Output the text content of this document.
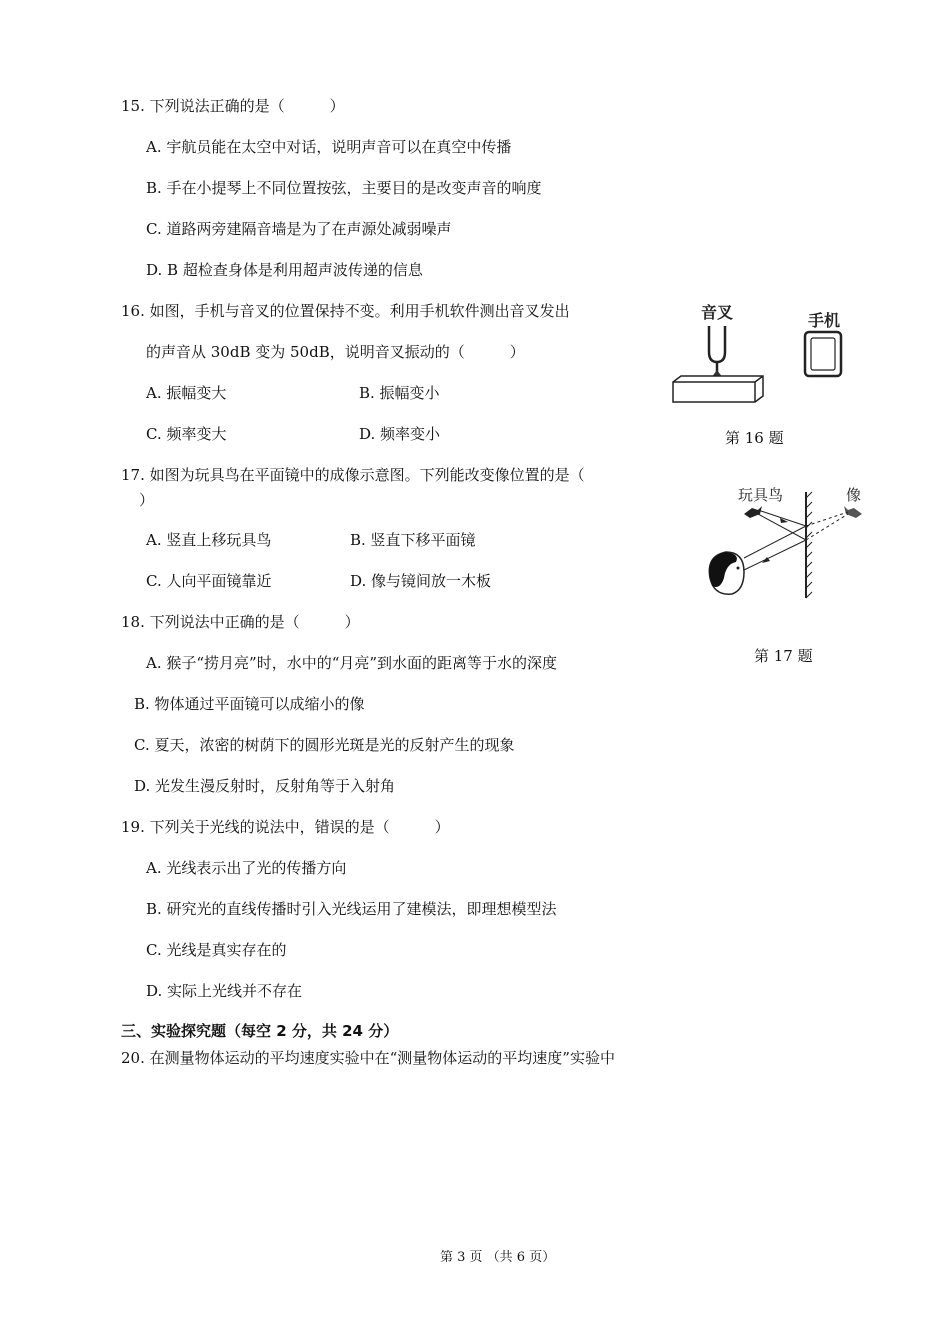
15. 下列说法正确的是（　　　）
A. 宇航员能在太空中对话，说明声音可以在真空中传播
B. 手在小提琴上不同位置按弦，主要目的是改变声音的响度
C. 道路两旁建隔音墙是为了在声源处减弱噪声
D. B 超检查身体是利用超声波传递的信息
16. 如图，手机与音叉的位置保持不变。利用手机软件测出音叉发出
的声音从 30dB 变为 50dB，说明音叉振动的（　　　）
A. 振幅变大	B. 振幅变小
C. 频率变大	D. 频率变小
音叉	手机
第 16 题
17. 如图为玩具鸟在平面镜中的成像示意图。下列能改变像位置的是（
）
A. 竖直上移玩具鸟	B. 竖直下移平面镜
C. 人向平面镜靠近	D. 像与镜间放一木板
玩具鸟	像
18. 下列说法中正确的是（　　　）
第 17 题
A. 猴子“捞月亮”时，水中的“月亮”到水面的距离等于水的深度
B. 物体通过平面镜可以成缩小的像
C. 夏天，浓密的树荫下的圆形光斑是光的反射产生的现象
D. 光发生漫反射时，反射角等于入射角
19. 下列关于光线的说法中，错误的是（　　　）
A. 光线表示出了光的传播方向
B. 研究光的直线传播时引入光线运用了建模法，即理想模型法
C. 光线是真实存在的
D. 实际上光线并不存在
三、实验探究题（每空 2 分，共 24 分）
20. 在测量物体运动的平均速度实验中在“测量物体运动的平均速度”实验中
第 3 页 （共 6 页）
